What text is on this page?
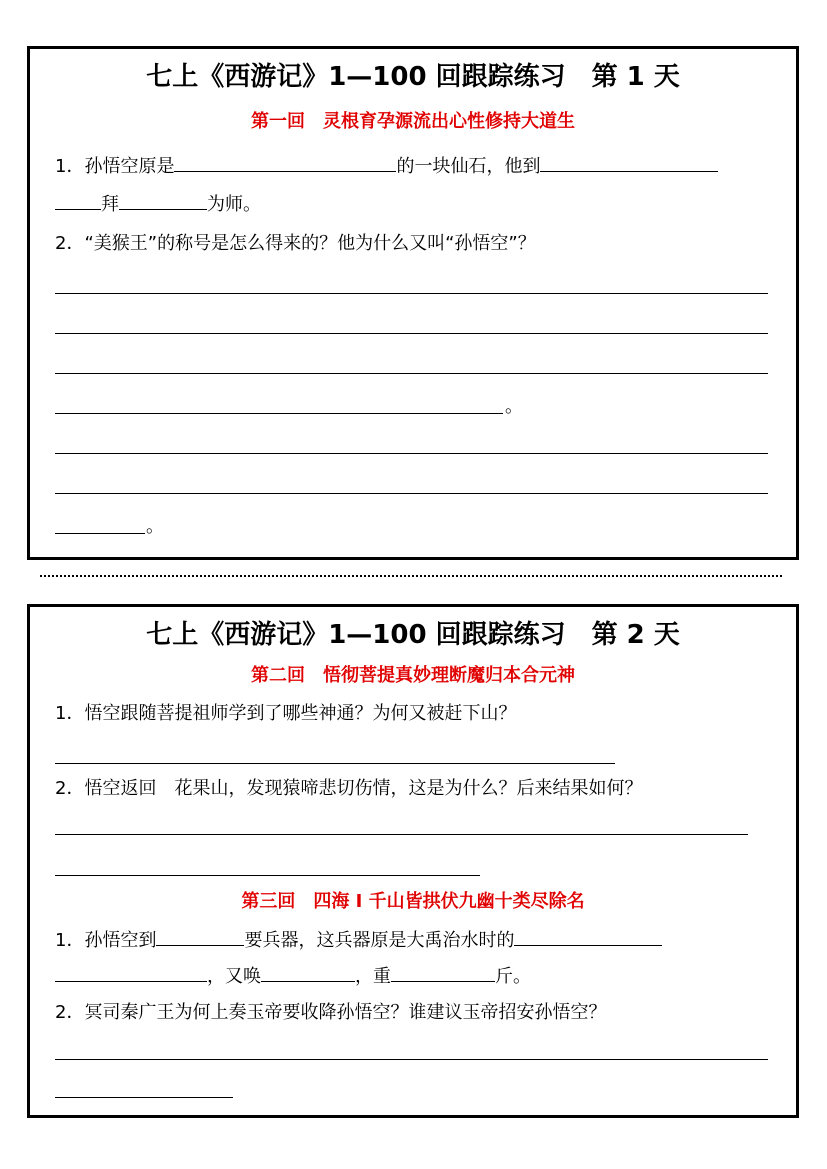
七上《西游记》1—100 回跟踪练习　第 1 天
第一回　灵根育孕源流出心性修持大道生
1．孙悟空原是	的一块仙石，他到
拜	为师。
2．“美猴王”的称号是怎么得来的？他为什么又叫“孙悟空”？
。
。
七上《西游记》1—100 回跟踪练习　第 2 天
第二回　悟彻菩提真妙理断魔归本合元神
1．悟空跟随菩提祖师学到了哪些神通？为何又被赶下山？
2．悟空返回　花果山，发现猿啼悲切伤情，这是为什么？后来结果如何？
第三回　四海 I 千山皆拱伏九幽十类尽除名
1．孙悟空到	要兵器，这兵器原是大禹治水时的
，又唤	，重	斤。
2．冥司秦广王为何上奏玉帝要收降孙悟空？谁建议玉帝招安孙悟空？
